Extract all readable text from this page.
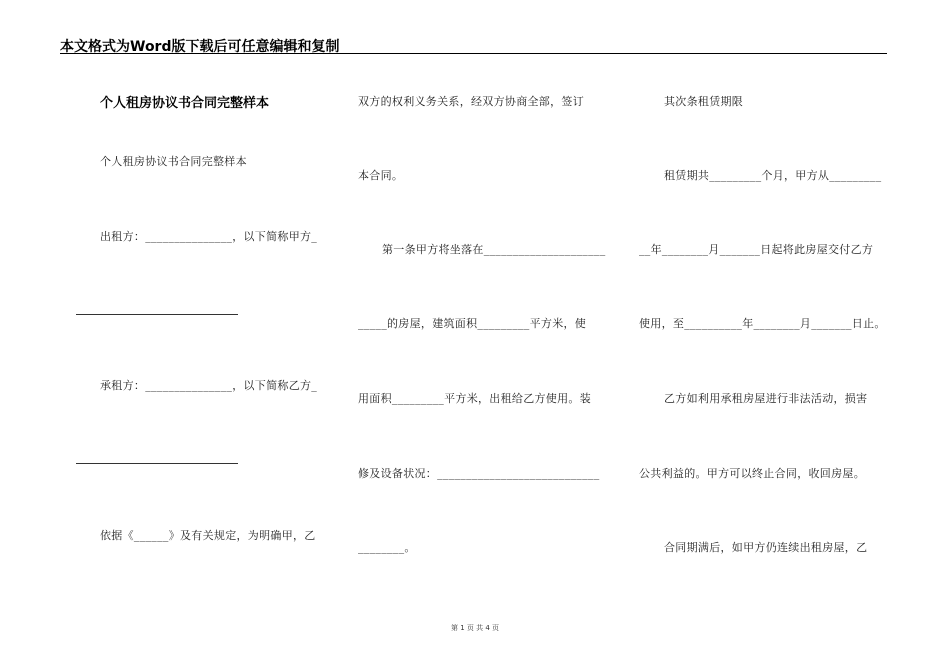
本文格式为Word版下载后可任意编辑和复制
个人租房协议书合同完整样本
个人租房协议书合同完整样本
出租方：_______________，以下简称甲方_
承租方：_______________，以下简称乙方_
依据《______》及有关规定，为明确甲，乙
双方的权利义务关系，经双方协商全部，签订
本合同。
第一条甲方将坐落在_____________________
_____的房屋，建筑面积_________平方米，使
用面积_________平方米，出租给乙方使用。装
修及设备状况：____________________________
________。
其次条租赁期限
租赁期共_________个月，甲方从_________
__年________月_______日起将此房屋交付乙方
使用，至__________年________月_______日止。
乙方如利用承租房屋进行非法活动，损害
公共利益的。甲方可以终止合同，收回房屋。
合同期满后，如甲方仍连续出租房屋，乙
第 1 页 共 4 页
